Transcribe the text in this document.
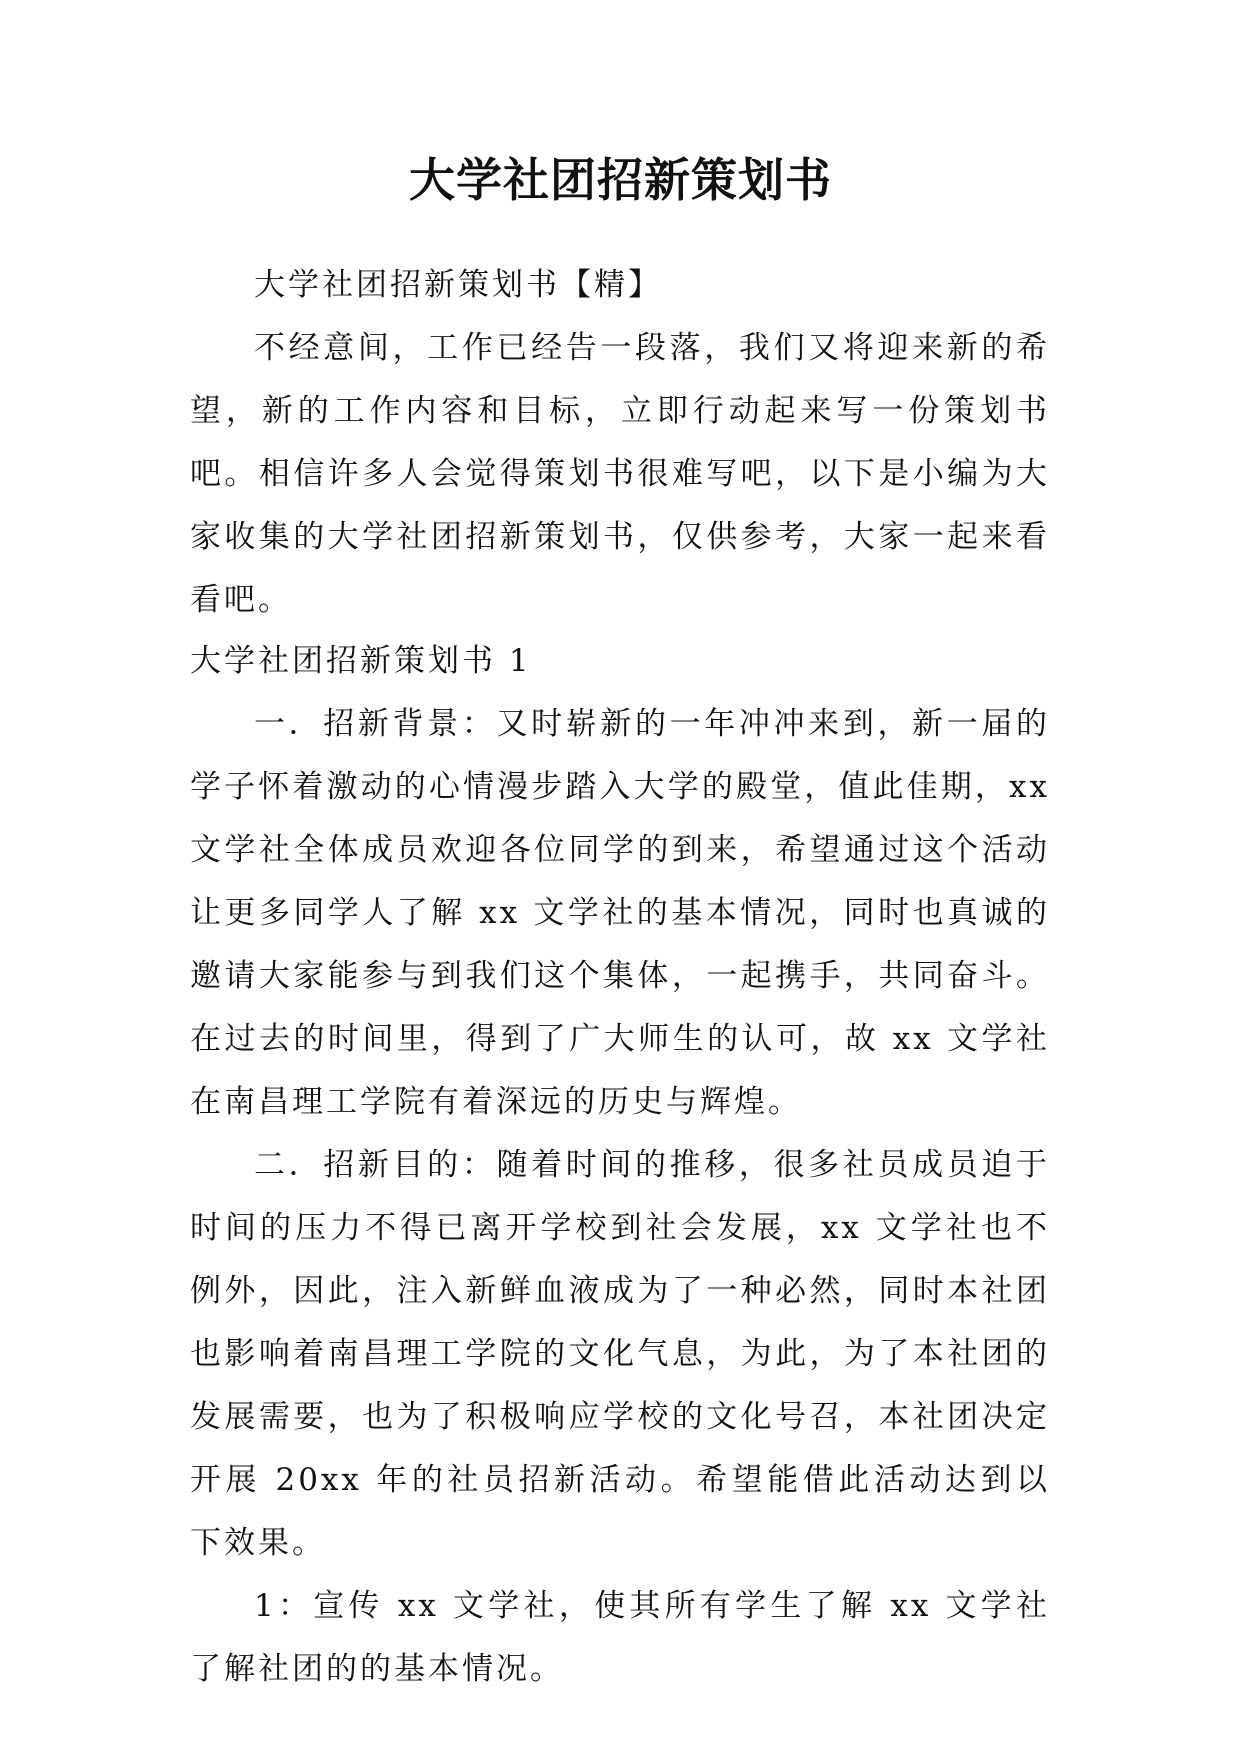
大学社团招新策划书

大学社团招新策划书【精】

不经意间，工作已经告一段落，我们又将迎来新的希望，新的工作内容和目标，立即行动起来写一份策划书吧。相信许多人会觉得策划书很难写吧，以下是小编为大家收集的大学社团招新策划书，仅供参考，大家一起来看看吧。

大学社团招新策划书 1

一．招新背景：又时崭新的一年冲冲来到，新一届的学子怀着激动的心情漫步踏入大学的殿堂，值此佳期，xx 文学社全体成员欢迎各位同学的到来，希望通过这个活动让更多同学人了解 xx 文学社的基本情况，同时也真诚的邀请大家能参与到我们这个集体，一起携手，共同奋斗。在过去的时间里，得到了广大师生的认可，故 xx 文学社在南昌理工学院有着深远的历史与辉煌。

二．招新目的：随着时间的推移，很多社员成员迫于时间的压力不得已离开学校到社会发展，xx 文学社也不例外，因此，注入新鲜血液成为了一种必然，同时本社团也影响着南昌理工学院的文化气息，为此，为了本社团的发展需要，也为了积极响应学校的文化号召，本社团决定开展 20xx 年的社员招新活动。希望能借此活动达到以下效果。

1：宣传 xx 文学社，使其所有学生了解 xx 文学社了解社团的的基本情况。
